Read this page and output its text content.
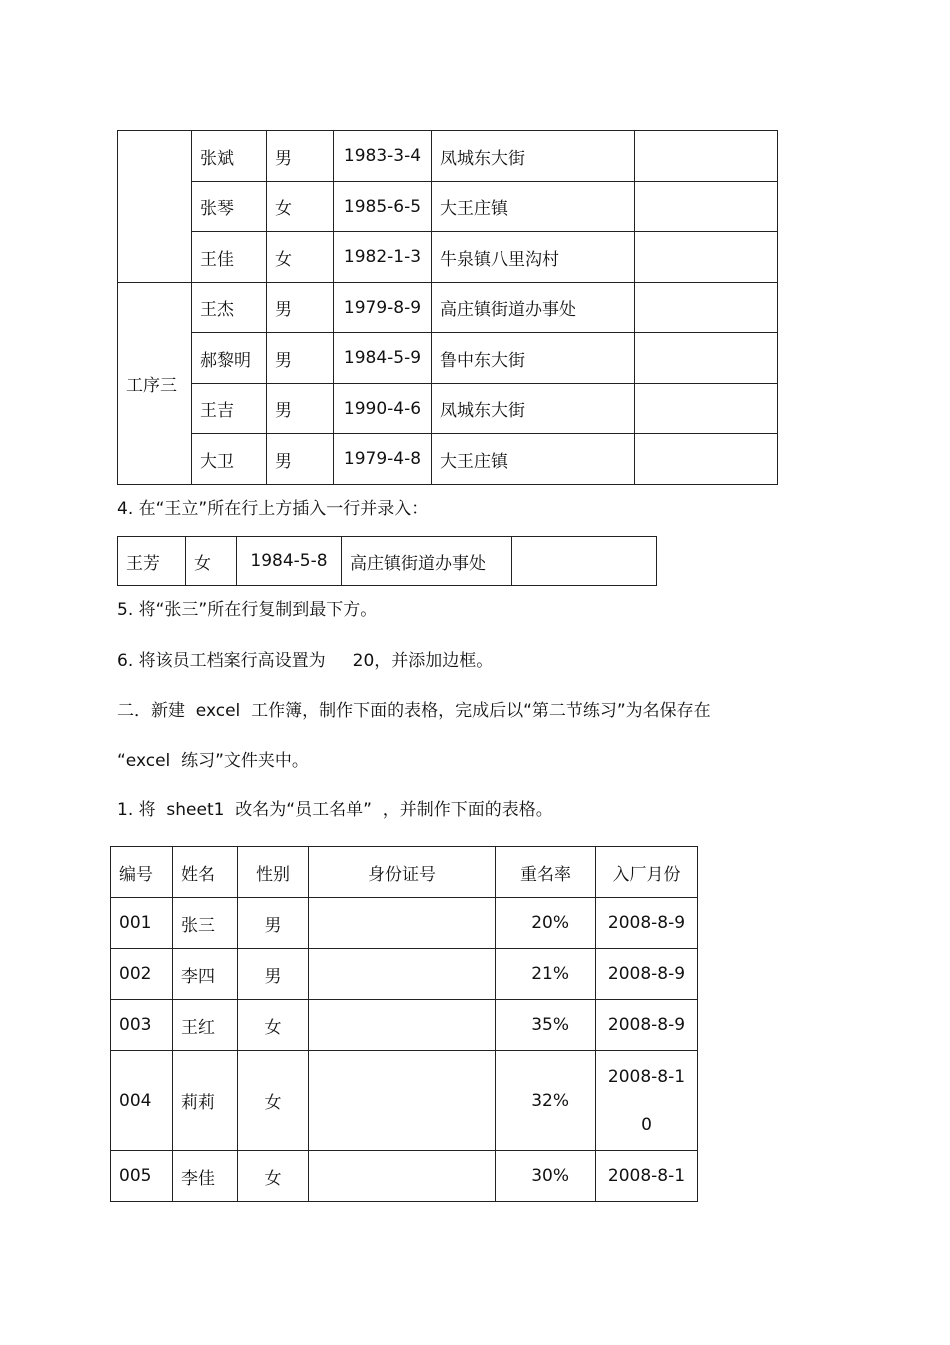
	张斌	男	1983-3-4	凤城东大街	
	张琴	女	1985-6-5	大王庄镇	
	王佳	女	1982-1-3	牛泉镇八里沟村	
工序三	王杰	男	1979-8-9	高庄镇街道办事处	
	郝黎明	男	1984-5-9	鲁中东大街	
	王吉	男	1990-4-6	凤城东大街	
	大卫	男	1979-4-8	大王庄镇	
4. 在“王立”所在行上方插入一行并录入：
王芳	女	1984-5-8	高庄镇街道办事处	
5. 将“张三”所在行复制到最下方。
6. 将该员工档案行高设置为     20，并添加边框。
二．新建  excel  工作簿，制作下面的表格，完成后以“第二节练习”为名保存在
“excel  练习”文件夹中。
1. 将  sheet1  改名为“员工名单”  ，并制作下面的表格。
编号	姓名	性别	身份证号	重名率	入厂月份
001	张三	男		20%	2008-8-9
002	李四	男		21%	2008-8-9
003	王红	女		35%	2008-8-9
004	莉莉	女		32%	2008-8-10

005	李佳	女		30%	2008-8-1
